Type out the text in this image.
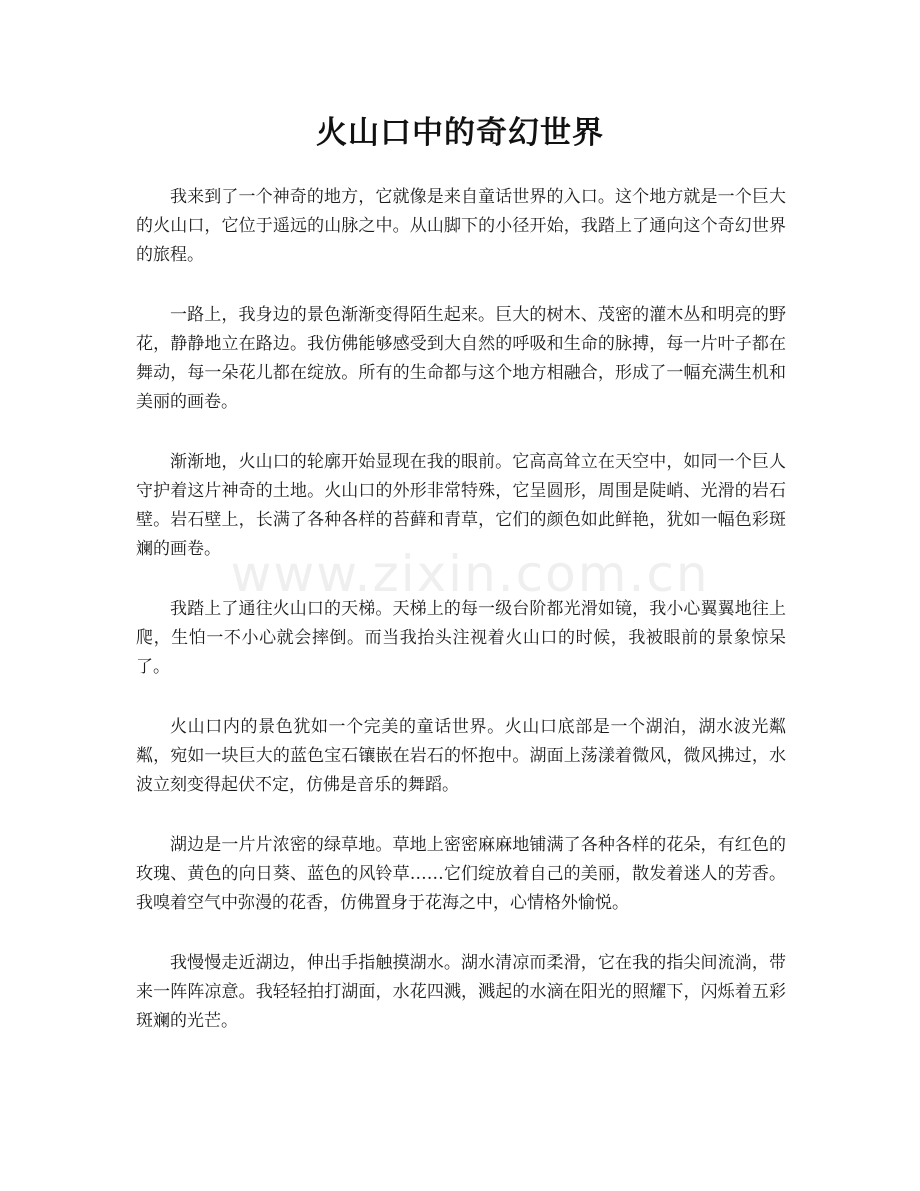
火山口中的奇幻世界

我来到了一个神奇的地方，它就像是来自童话世界的入口。这个地方就是一个巨大的火山口，它位于遥远的山脉之中。从山脚下的小径开始，我踏上了通向这个奇幻世界的旅程。

一路上，我身边的景色渐渐变得陌生起来。巨大的树木、茂密的灌木丛和明亮的野花，静静地立在路边。我仿佛能够感受到大自然的呼吸和生命的脉搏，每一片叶子都在舞动，每一朵花儿都在绽放。所有的生命都与这个地方相融合，形成了一幅充满生机和美丽的画卷。

渐渐地，火山口的轮廓开始显现在我的眼前。它高高耸立在天空中，如同一个巨人守护着这片神奇的土地。火山口的外形非常特殊，它呈圆形，周围是陡峭、光滑的岩石壁。岩石壁上，长满了各种各样的苔藓和青草，它们的颜色如此鲜艳，犹如一幅色彩斑斓的画卷。

我踏上了通往火山口的天梯。天梯上的每一级台阶都光滑如镜，我小心翼翼地往上爬，生怕一不小心就会摔倒。而当我抬头注视着火山口的时候，我被眼前的景象惊呆了。

火山口内的景色犹如一个完美的童话世界。火山口底部是一个湖泊，湖水波光粼粼，宛如一块巨大的蓝色宝石镶嵌在岩石的怀抱中。湖面上荡漾着微风，微风拂过，水波立刻变得起伏不定，仿佛是音乐的舞蹈。

湖边是一片片浓密的绿草地。草地上密密麻麻地铺满了各种各样的花朵，有红色的玫瑰、黄色的向日葵、蓝色的风铃草……它们绽放着自己的美丽，散发着迷人的芳香。我嗅着空气中弥漫的花香，仿佛置身于花海之中，心情格外愉悦。

我慢慢走近湖边，伸出手指触摸湖水。湖水清凉而柔滑，它在我的指尖间流淌，带来一阵阵凉意。我轻轻拍打湖面，水花四溅，溅起的水滴在阳光的照耀下，闪烁着五彩斑斓的光芒。

www.zixin.com.cn
